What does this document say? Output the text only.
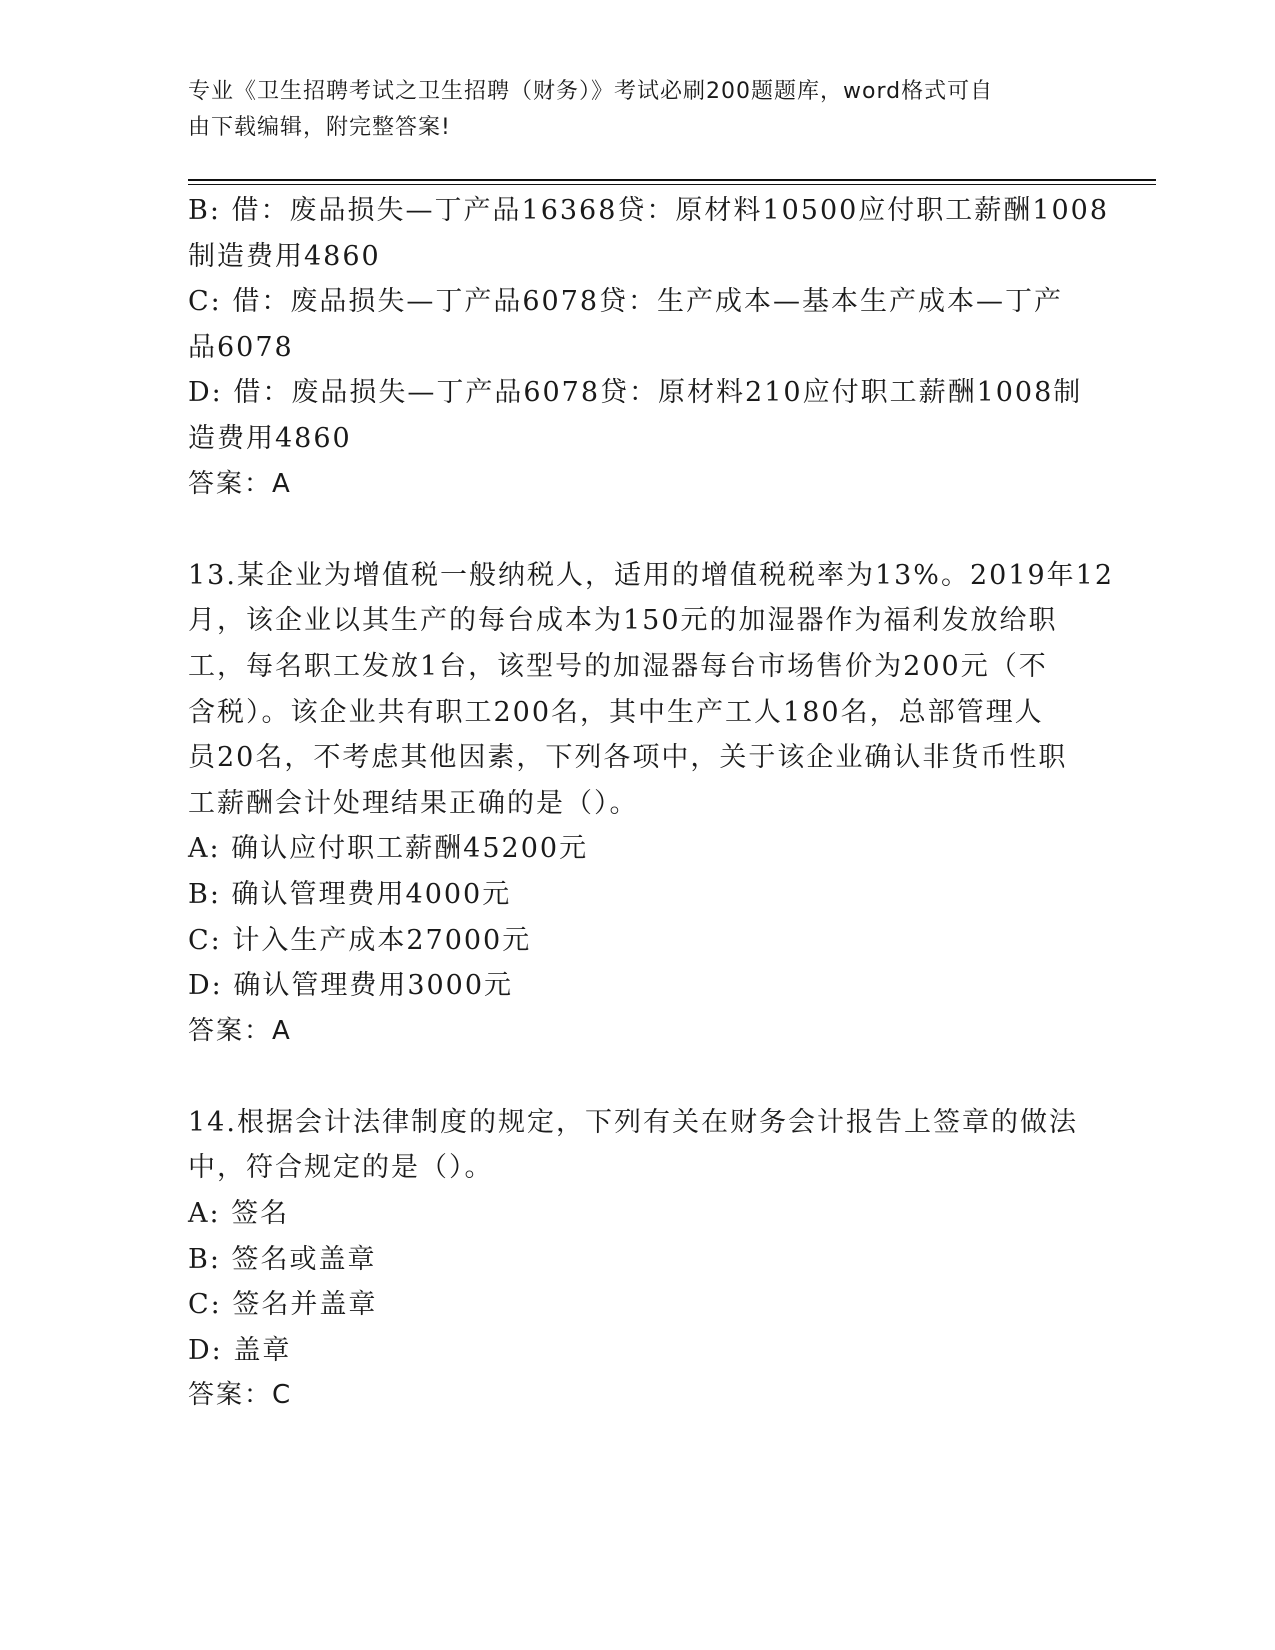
专业《卫生招聘考试之卫生招聘（财务）》考试必刷200题题库，word格式可自
由下载编辑，附完整答案!
B: 借：废品损失—丁产品16368贷：原材料10500应付职工薪酬1008
制造费用4860
C: 借：废品损失—丁产品6078贷：生产成本—基本生产成本—丁产
品6078
D: 借：废品损失—丁产品6078贷：原材料210应付职工薪酬1008制
造费用4860
答案：A
13.某企业为增值税一般纳税人，适用的增值税税率为13%。2019年12
月，该企业以其生产的每台成本为150元的加湿器作为福利发放给职
工，每名职工发放1台，该型号的加湿器每台市场售价为200元（不
含税）。该企业共有职工200名，其中生产工人180名，总部管理人
员20名，不考虑其他因素，下列各项中，关于该企业确认非货币性职
工薪酬会计处理结果正确的是（）。
A: 确认应付职工薪酬45200元
B: 确认管理费用4000元
C: 计入生产成本27000元
D: 确认管理费用3000元
答案：A
14.根据会计法律制度的规定，下列有关在财务会计报告上签章的做法
中，符合规定的是（）。
A: 签名
B: 签名或盖章
C: 签名并盖章
D: 盖章
答案：C
